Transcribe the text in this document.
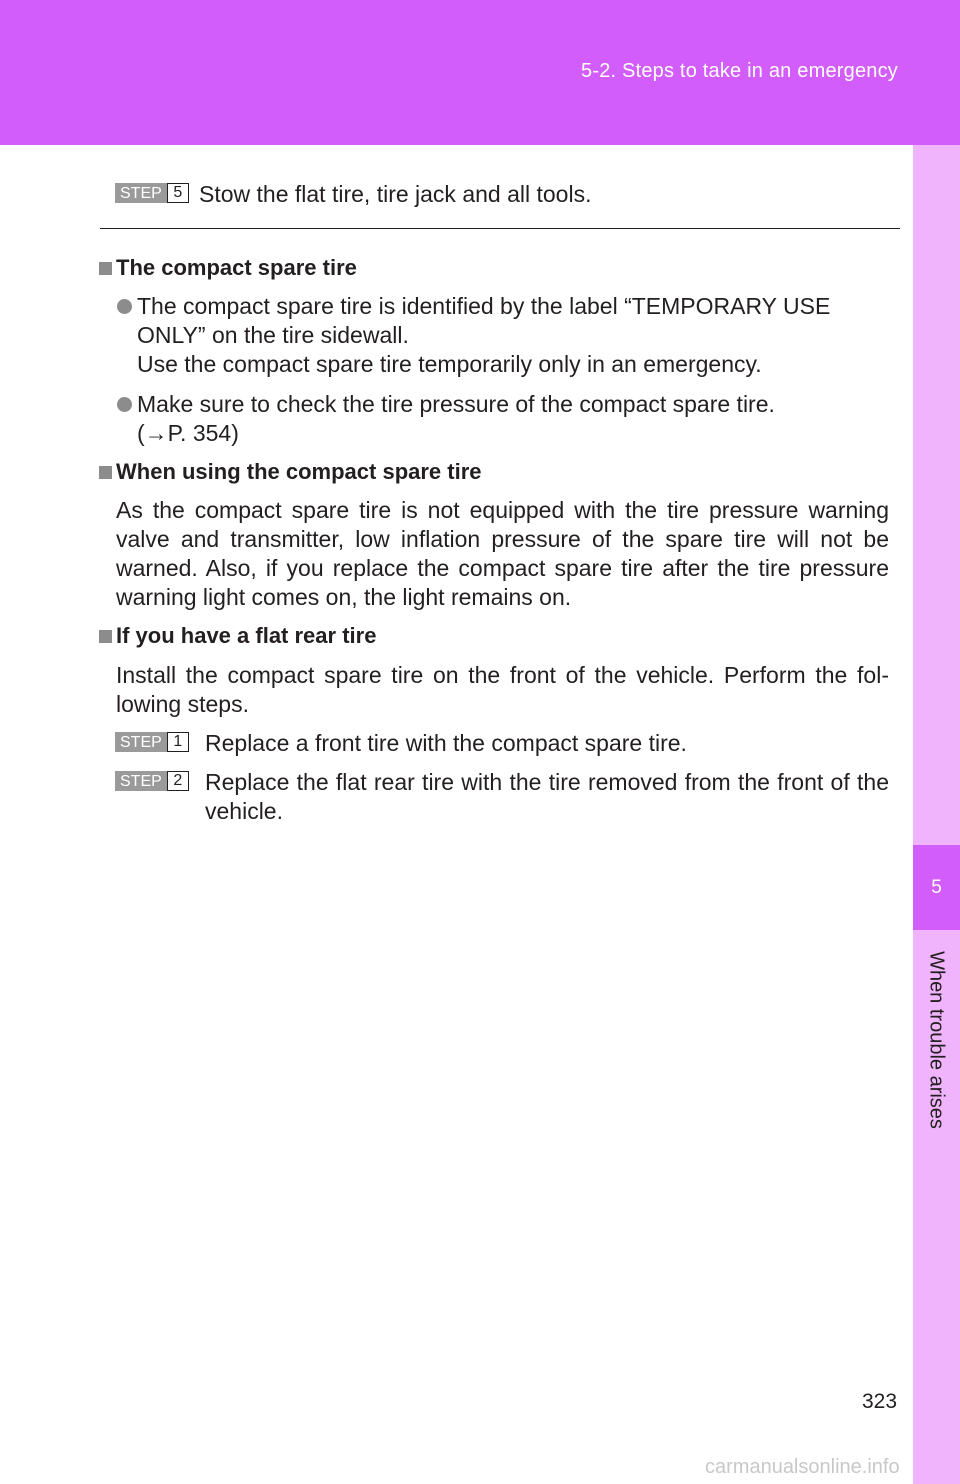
5-2. Steps to take in an emergency
5
When trouble arises
STEP 5 Stow the flat tire, tire jack and all tools.
The compact spare tire
The compact spare tire is identified by the label “TEMPORARY USE
ONLY” on the tire sidewall.
Use the compact spare tire temporarily only in an emergency.
Make sure to check the tire pressure of the compact spare tire.
(→P. 354)
When using the compact spare tire
As the compact spare tire is not equipped with the tire pressure warning valve and transmitter, low inflation pressure of the spare tire will not be warned. Also, if you replace the compact spare tire after the tire pressure warning light comes on, the light remains on.
If you have a flat rear tire
Install the compact spare tire on the front of the vehicle. Perform the fol-lowing steps.
STEP 1 Replace a front tire with the compact spare tire.
STEP 2 Replace the flat rear tire with the tire removed from the front of the vehicle.
323
carmanualsonline.info
